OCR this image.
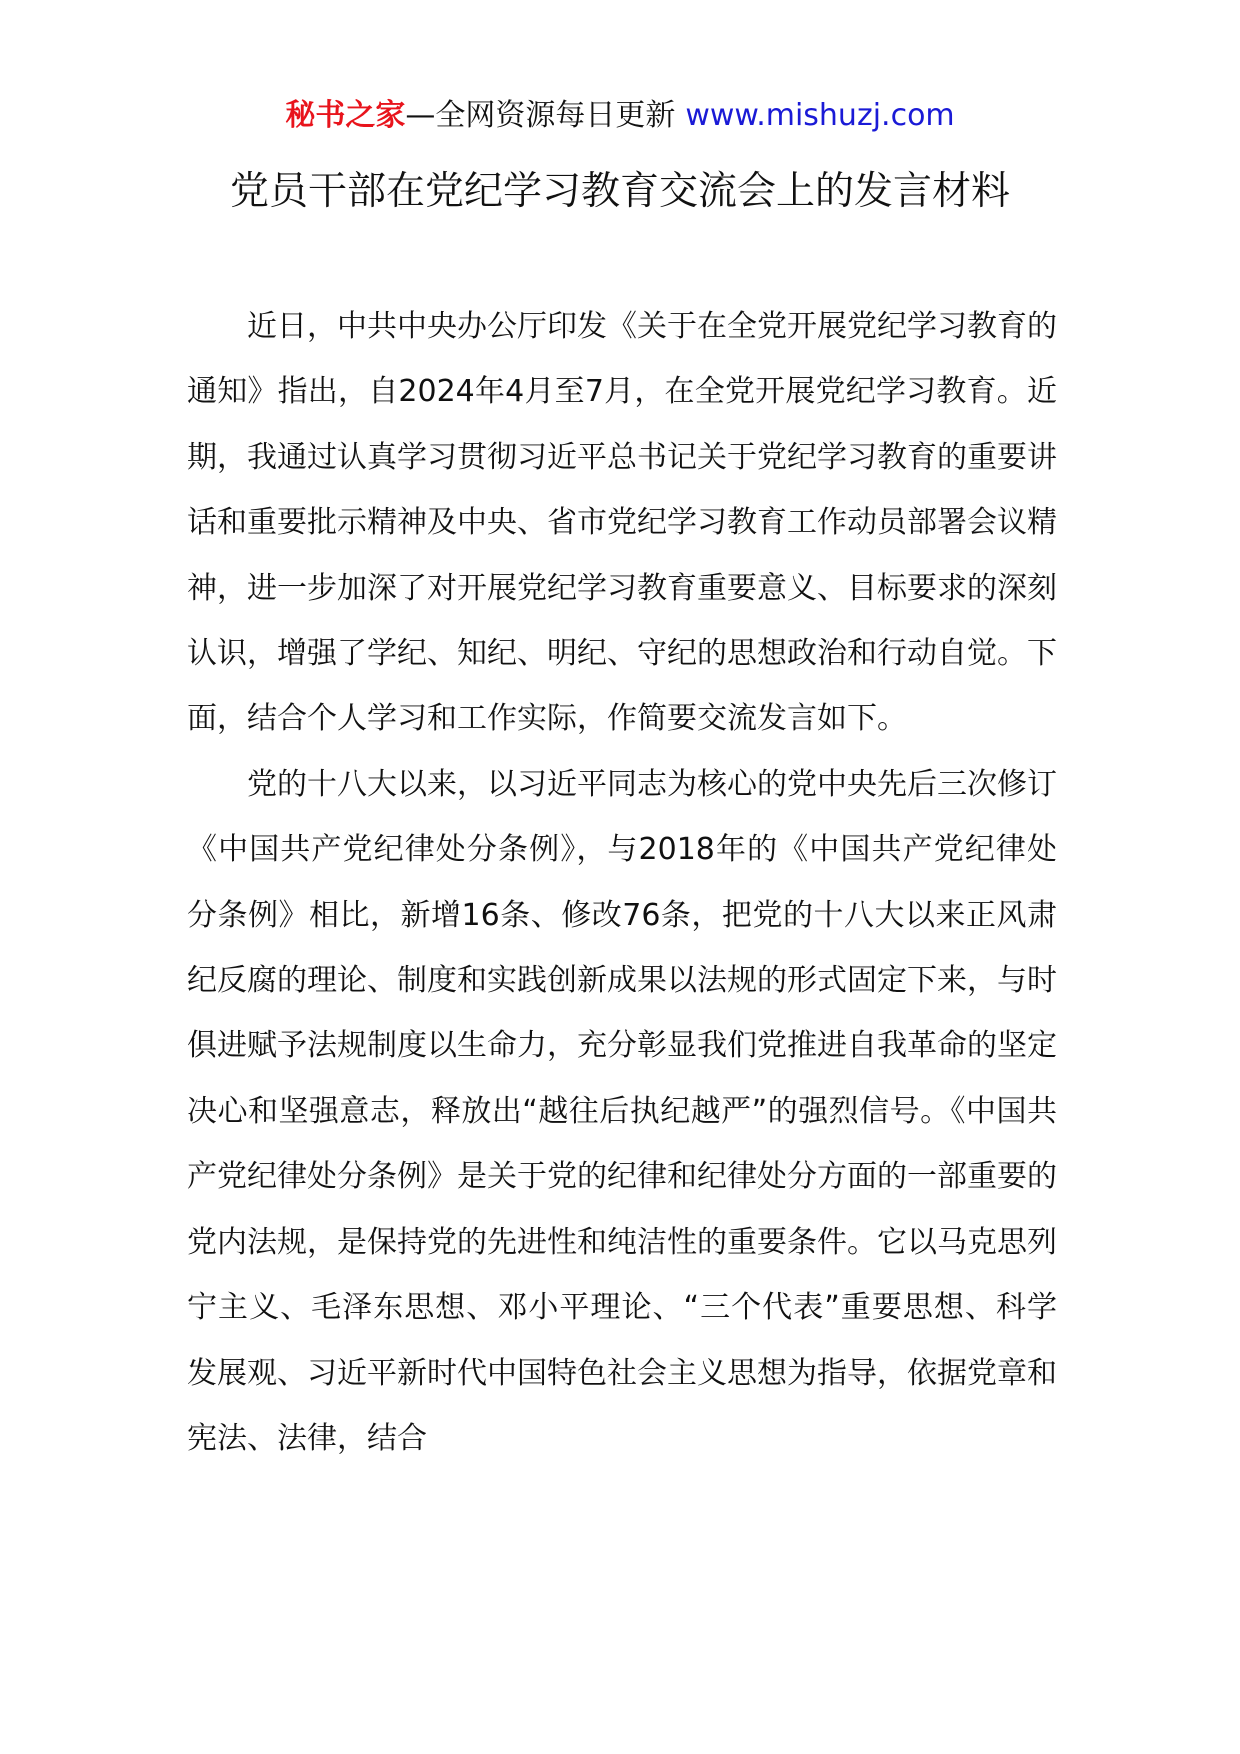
秘书之家—全网资源每日更新 www.mishuzj.com
党员干部在党纪学习教育交流会上的发言材料

近日，中共中央办公厅印发《关于在全党开展党纪学习教育的通知》指出，自2024年4月至7月，在全党开展党纪学习教育。近期，我通过认真学习贯彻习近平总书记关于党纪学习教育的重要讲话和重要批示精神及中央、省市党纪学习教育工作动员部署会议精神，进一步加深了对开展党纪学习教育重要意义、目标要求的深刻认识，增强了学纪、知纪、明纪、守纪的思想政治和行动自觉。下面，结合个人学习和工作实际，作简要交流发言如下。

党的十八大以来，以习近平同志为核心的党中央先后三次修订《中国共产党纪律处分条例》，与2018年的《中国共产党纪律处分条例》相比，新增16条、修改76条，把党的十八大以来正风肃纪反腐的理论、制度和实践创新成果以法规的形式固定下来，与时俱进赋予法规制度以生命力，充分彰显我们党推进自我革命的坚定决心和坚强意志，释放出“越往后执纪越严”的强烈信号。《中国共产党纪律处分条例》是关于党的纪律和纪律处分方面的一部重要的党内法规，是保持党的先进性和纯洁性的重要条件。它以马克思列宁主义、毛泽东思想、邓小平理论、“三个代表”重要思想、科学发展观、习近平新时代中国特色社会主义思想为指导，依据党章和宪法、法律，结合
